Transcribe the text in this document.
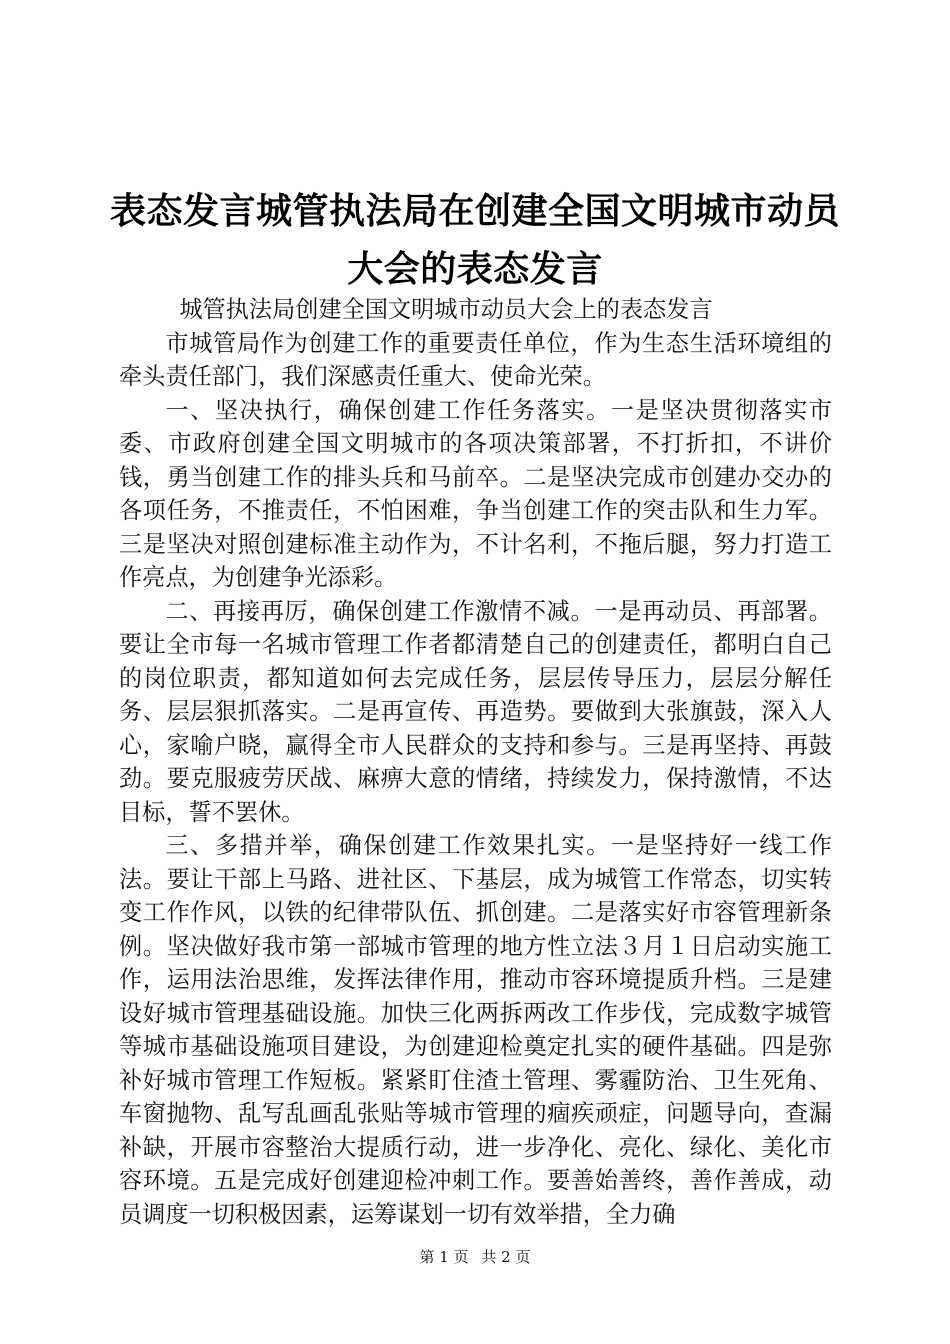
表态发言城管执法局在创建全国文明城市动员
大会的表态发言

城管执法局创建全国文明城市动员大会上的表态发言

市城管局作为创建工作的重要责任单位，作为生态生活环境组的牵头责任部门，我们深感责任重大、使命光荣。

一、坚决执行，确保创建工作任务落实。一是坚决贯彻落实市委、市政府创建全国文明城市的各项决策部署，不打折扣，不讲价钱，勇当创建工作的排头兵和马前卒。二是坚决完成市创建办交办的各项任务，不推责任，不怕困难，争当创建工作的突击队和生力军。三是坚决对照创建标准主动作为，不计名利，不拖后腿，努力打造工作亮点，为创建争光添彩。

二、再接再厉，确保创建工作激情不减。一是再动员、再部署。要让全市每一名城市管理工作者都清楚自己的创建责任，都明白自己的岗位职责，都知道如何去完成任务，层层传导压力，层层分解任务、层层狠抓落实。二是再宣传、再造势。要做到大张旗鼓，深入人心，家喻户晓，赢得全市人民群众的支持和参与。三是再坚持、再鼓劲。要克服疲劳厌战、麻痹大意的情绪，持续发力，保持激情，不达目标，誓不罢休。

三、多措并举，确保创建工作效果扎实。一是坚持好一线工作法。要让干部上马路、进社区、下基层，成为城管工作常态，切实转变工作作风，以铁的纪律带队伍、抓创建。二是落实好市容管理新条例。坚决做好我市第一部城市管理的地方性立法３月１日启动实施工作，运用法治思维，发挥法律作用，推动市容环境提质升档。三是建设好城市管理基础设施。加快三化两拆两改工作步伐，完成数字城管等城市基础设施项目建设，为创建迎检奠定扎实的硬件基础。四是弥补好城市管理工作短板。紧紧盯住渣土管理、雾霾防治、卫生死角、车窗抛物、乱写乱画乱张贴等城市管理的痼疾顽症，问题导向，查漏补缺，开展市容整治大提质行动，进一步净化、亮化、绿化、美化市容环境。五是完成好创建迎检冲刺工作。要善始善终，善作善成，动员调度一切积极因素，运筹谋划一切有效举措，全力确

第 1 页 共 2 页
